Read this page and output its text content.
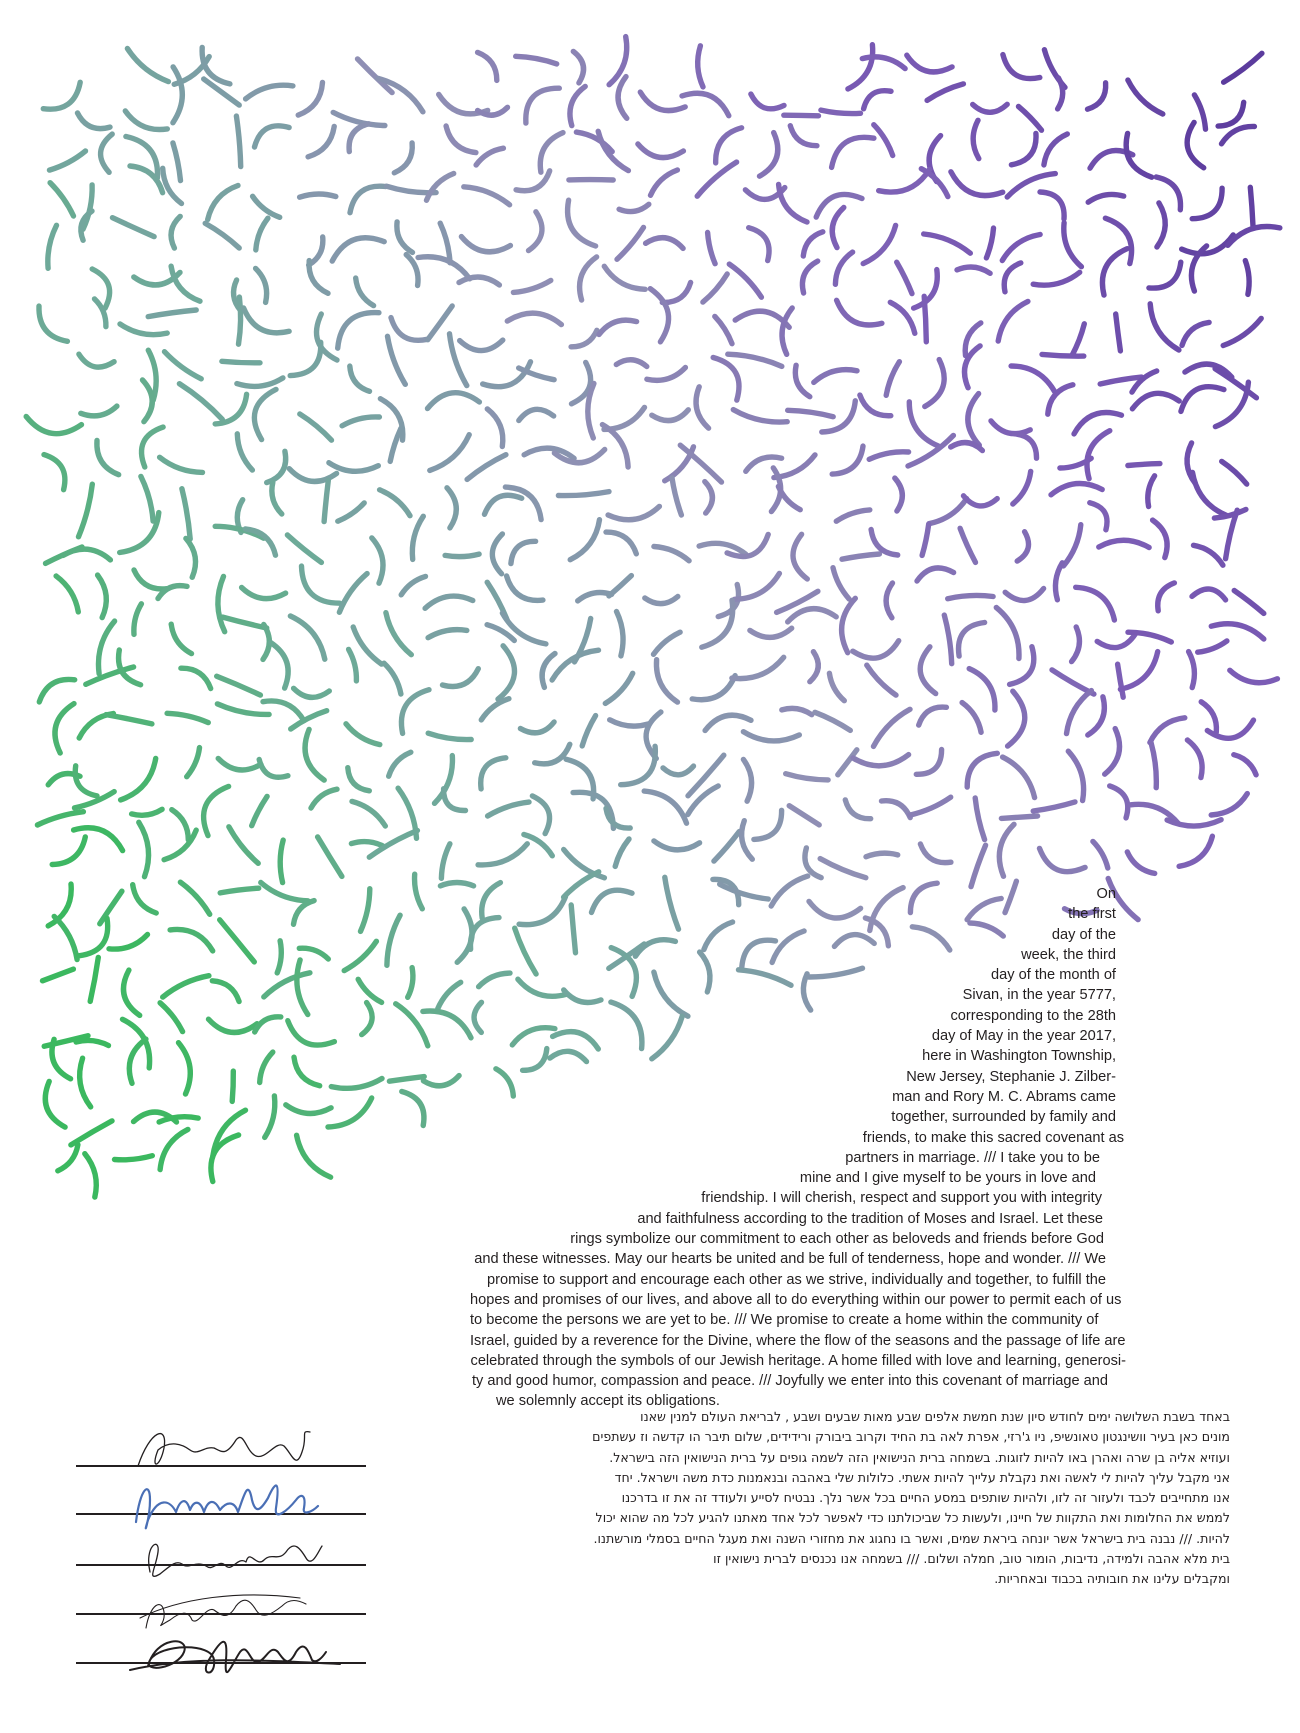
On
the first
day of the
week, the third
day of the month of
Sivan, in the year 5777,
corresponding to the 28th
day of May in the year 2017,
here in Washington Township,
New Jersey, Stephanie J. Zilber-
man and Rory M. C. Abrams came
together, surrounded by family and
friends, to make this sacred covenant as
partners in marriage. /// I take you to be
mine and I give myself to be yours in love and
friendship. I will cherish, respect and support you with integrity
and faithfulness according to the tradition of Moses and Israel. Let these
rings symbolize our commitment to each other as beloveds and friends before God
and these witnesses. May our hearts be united and be full of tenderness, hope and wonder. /// We
promise to support and encourage each other as we strive, individually and together, to fulfill the
hopes and promises of our lives, and above all to do everything within our power to permit each of us
to become the persons we are yet to be. /// We promise to create a home within the community of
Israel, guided by a reverence for the Divine, where the flow of the seasons and the passage of life are
celebrated through the symbols of our Jewish heritage. A home filled with love and learning, generosi-
ty and good humor, compassion and peace. /// Joyfully we enter into this covenant of marriage and
we solemnly accept its obligations.
באחד בשבת השלושה ימים לחודש סיון שנת חמשת אלפים שבע מאות שבעים ושבע , לבריאת העולם למנין שאנו
מונים כאן בעיר וושינגטון טאונשיפ, ניו ג'רזי, אפרת לאה בת החיד וקרוב ביבורק ורידידים, שלום תיבר הו קדשה וז עשתפים
ועוזיא אליה בן שרה ואהרן באו להיות לזוגות. בשמחה ברית הנישואין הזה לשמה גופים על ברית הנישואין הזה בישראל.
אני מקבל עליך להיות לי לאשה ואת נקבלת עלייך להיות אשתי. כלולות שלי באהבה ובנאמנות כדת משה וישראל. יחד
אנו מתחייבים לכבד ולעזור זה לזו, ולהיות שותפים במסע החיים בכל אשר נלך. נבטיח לסייע ולעודד זה את זו בדרכנו
לממש את החלומות ואת התקוות של חיינו, ולעשות כל שביכולתנו כדי לאפשר לכל אחד מאתנו להגיע לכל מה שהוא יכול
להיות. /// נבנה בית בישראל אשר יונחה ביראת שמים, ואשר בו נחגוג את מחזורי השנה ואת מעגל החיים בסמלי מורשתנו.
בית מלא אהבה ולמידה, נדיבות, הומור טוב, חמלה ושלום. /// בשמחה אנו נכנסים לברית נישואין זו
ומקבלים עלינו את חובותיה בכבוד ובאחריות.
